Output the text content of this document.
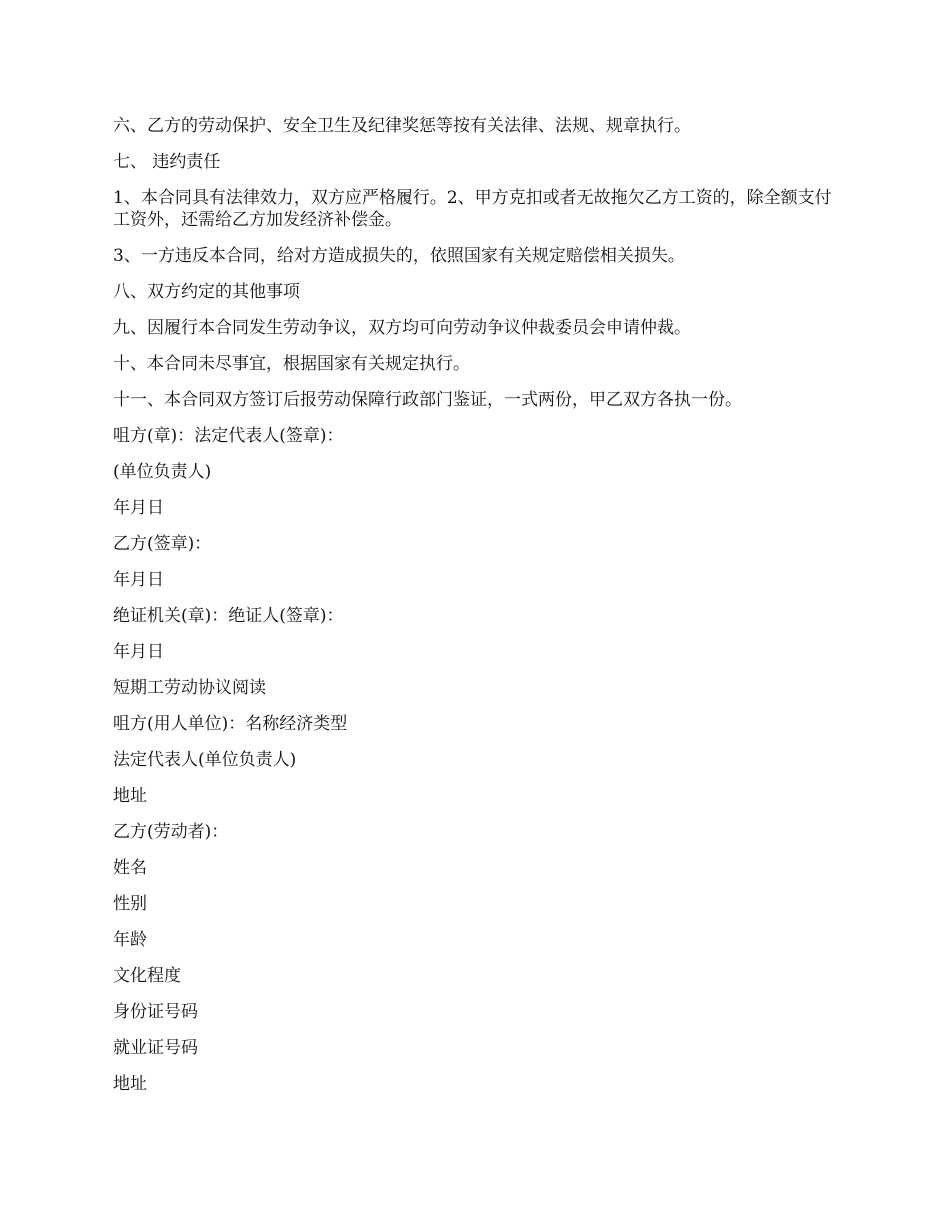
六、乙方的劳动保护、安全卫生及纪律奖惩等按有关法律、法规、规章执行。

七、 违约责任

1、本合同具有法律效力，双方应严格履行。2、甲方克扣或者无故拖欠乙方工资的，除全额支付工资外，还需给乙方加发经济补偿金。

3、一方违反本合同，给对方造成损失的，依照国家有关规定赔偿相关损失。

八、双方约定的其他事项

九、因履行本合同发生劳动争议，双方均可向劳动争议仲裁委员会申请仲裁。

十、本合同未尽事宜，根据国家有关规定执行。

十一、本合同双方签订后报劳动保障行政部门鉴证，一式两份，甲乙双方各执一份。

咀方(章)：法定代表人(签章)：

(单位负责人)

年月日

乙方(签章)：

年月日

绝证机关(章)：绝证人(签章)：

年月日

短期工劳动协议阅读

咀方(用人单位)：名称经济类型

法定代表人(单位负责人)

地址

乙方(劳动者)：

姓名

性别

年龄

文化程度

身份证号码

就业证号码

地址
